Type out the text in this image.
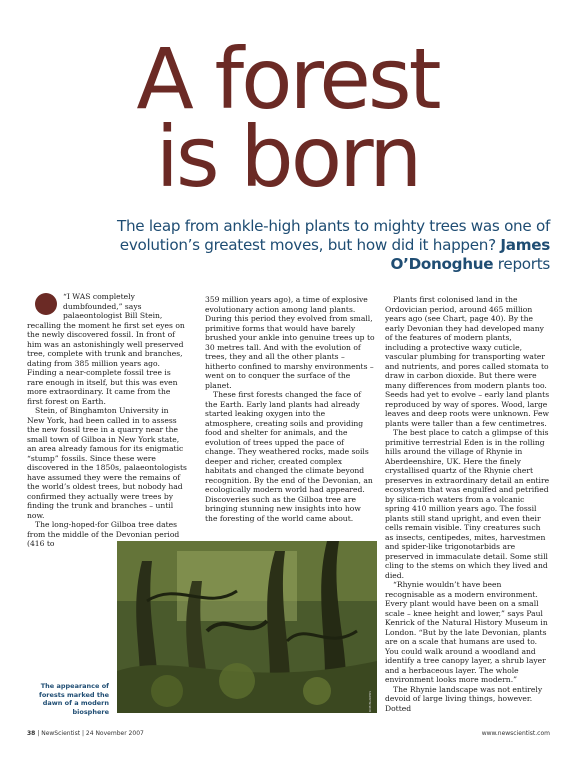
A forest
is born
The leap from ankle-high plants to mighty trees was one of evolution’s greatest moves, but how did it happen? James O’Donoghue reports

“I WAS completely dumbfounded,” says palaeontologist Bill Stein, recalling the moment he first set eyes on the newly discovered fossil. In front of him was an astonishingly well preserved tree, complete with trunk and branches, dating from 385 million years ago. Finding a near-complete fossil tree is rare enough in itself, but this was even more extraordinary. It came from the first forest on Earth.

Stein, of Binghamton University in New York, had been called in to assess the new fossil tree in a quarry near the small town of Gilboa in New York state, an area already famous for its enigmatic “stump” fossils. Since these were discovered in the 1850s, palaeontologists have assumed they were the remains of the world’s oldest trees, but nobody had confirmed they actually were trees by finding the trunk and branches – until now.

The long-hoped-for Gilboa tree dates from the middle of the Devonian period (416 to

359 million years ago), a time of explosive evolutionary action among land plants. During this period they evolved from small, primitive forms that would have barely brushed your ankle into genuine trees up to 30 metres tall. And with the evolution of trees, they and all the other plants – hitherto confined to marshy environments – went on to conquer the surface of the planet.

These first forests changed the face of the Earth. Early land plants had already started leaking oxygen into the atmosphere, creating soils and providing food and shelter for animals, and the evolution of trees upped the pace of change. They weathered rocks, made soils deeper and richer, created complex habitats and changed the climate beyond recognition. By the end of the Devonian, an ecologically modern world had appeared. Discoveries such as the Gilboa tree are bringing stunning new insights into how the foresting of the world came about.

Plants first colonised land in the Ordovician period, around 465 million years ago (see Chart, page 40). By the early Devonian they had developed many of the features of modern plants, including a protective waxy cuticle, vascular plumbing for transporting water and nutrients, and pores called stomata to draw in carbon dioxide. But there were many differences from modern plants too. Seeds had yet to evolve – early land plants reproduced by way of spores. Wood, large leaves and deep roots were unknown. Few plants were taller than a few centimetres.

The best place to catch a glimpse of this primitive terrestrial Eden is in the rolling hills around the village of Rhynie in Aberdeenshire, UK. Here the finely crystallised quartz of the Rhynie chert preserves in extraordinary detail an entire ecosystem that was engulfed and petrified by silica-rich waters from a volcanic spring 410 million years ago. The fossil plants still stand upright, and even their cells remain visible. Tiny creatures such as insects, centipedes, mites, harvestmen and spider-like trigonotarbids are preserved in immaculate detail. Some still cling to the stems on which they lived and died.

“Rhynie wouldn’t have been recognisable as a modern environment. Every plant would have been on a small scale – knee height and lower,” says Paul Kenrick of the Natural History Museum in London. “But by the late Devonian, plants are on a scale that humans are used to. You could walk around a woodland and identify a tree canopy layer, a shrub layer and a herbaceous layer. The whole environment looks more modern.”

The Rhynie landscape was not entirely devoid of large living things, however. Dotted

ROB BLAKERS
The appearance of forests marked the dawn of a modern biosphere
38 | NewScientist | 24 November 2007	www.newscientist.com
